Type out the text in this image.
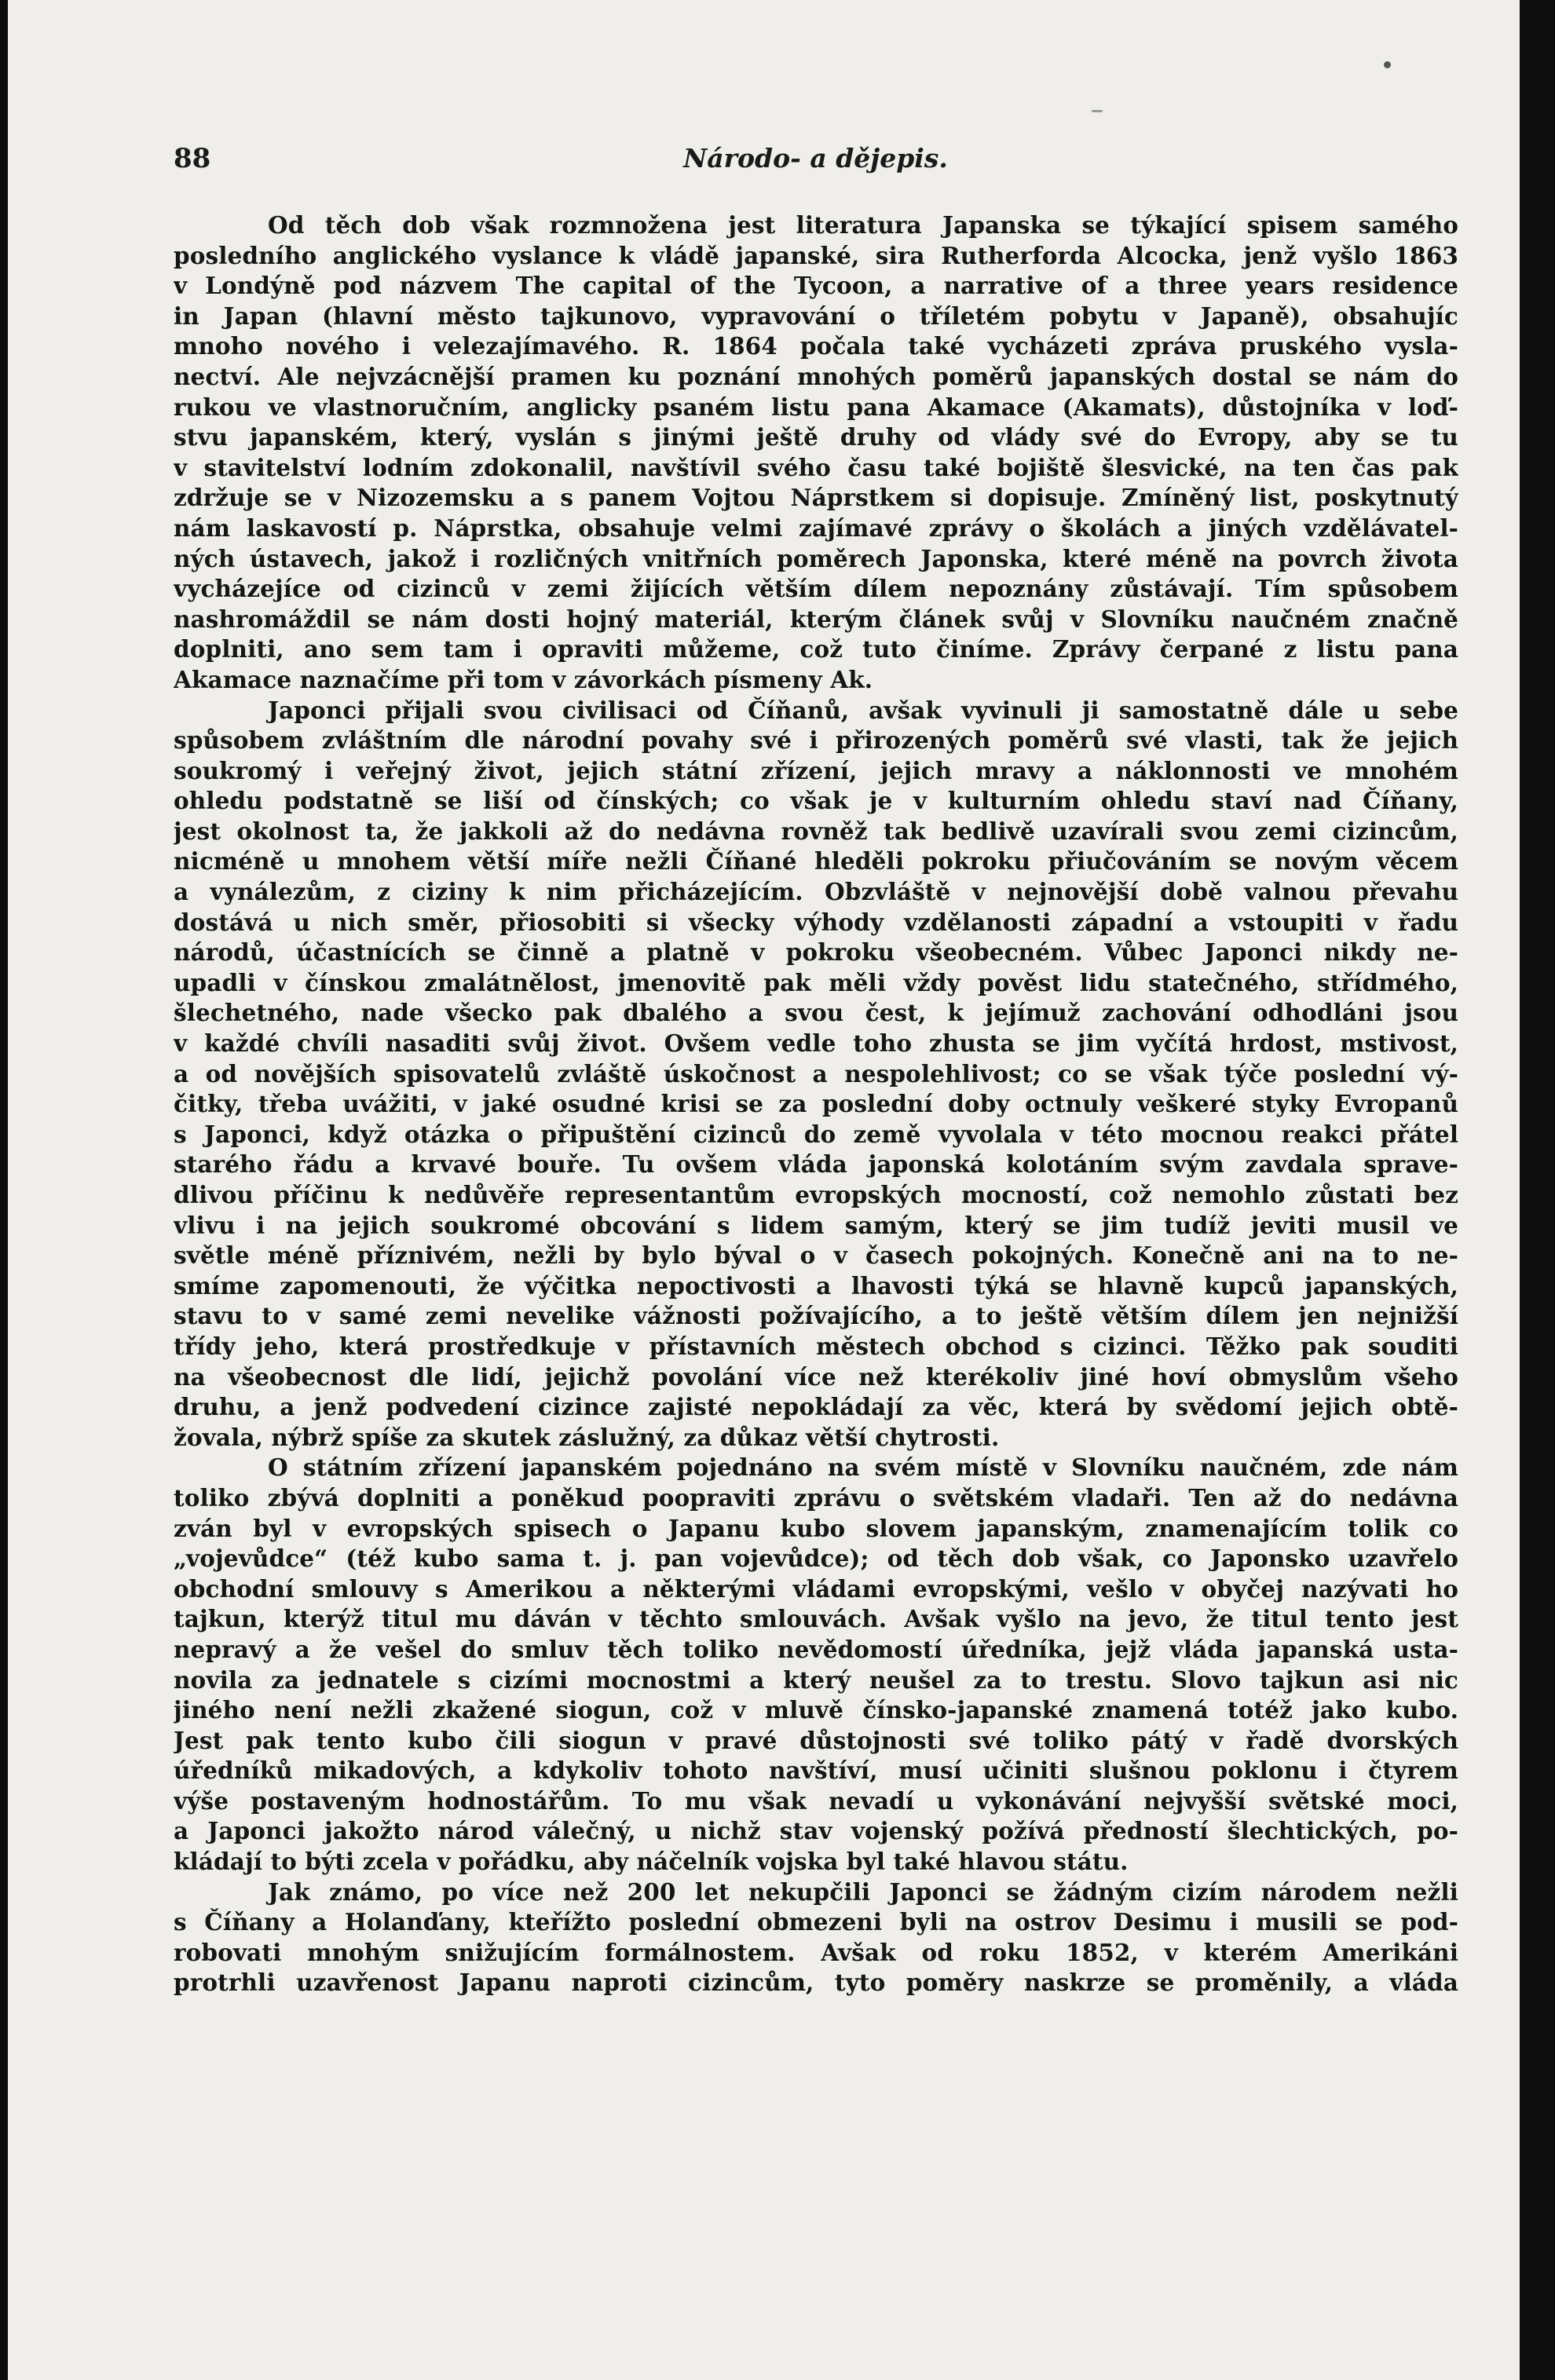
88	Národo- a dějepis.
Od těch dob však rozmnožena jest literatura Japanska se týkající spisem samého
posledního anglického vyslance k vládě japanské, sira Rutherforda Alcocka, jenž vyšlo 1863
v Londýně pod názvem The capital of the Tycoon, a narrative of a three years residence
in Japan (hlavní město tajkunovo, vypravování o tříletém pobytu v Japaně), obsahujíc
mnoho nového i velezajímavého. R. 1864 počala také vycházeti zpráva pruského vysla-
nectví. Ale nejvzácnější pramen ku poznání mnohých poměrů japanských dostal se nám do
rukou ve vlastnoručním, anglicky psaném listu pana Akamace (Akamats), důstojníka v loď-
stvu japanském, který, vyslán s jinými ještě druhy od vlády své do Evropy, aby se tu
v stavitelství lodním zdokonalil, navštívil svého času také bojiště šlesvické, na ten čas pak
zdržuje se v Nizozemsku a s panem Vojtou Náprstkem si dopisuje. Zmíněný list, poskytnutý
nám laskavostí p. Náprstka, obsahuje velmi zajímavé zprávy o školách a jiných vzdělávatel-
ných ústavech, jakož i rozličných vnitřních poměrech Japonska, které méně na povrch života
vycházejíce od cizinců v zemi žijících větším dílem nepoznány zůstávají. Tím spůsobem
nashromáždil se nám dosti hojný materiál, kterým článek svůj v Slovníku naučném značně
doplniti, ano sem tam i opraviti můžeme, což tuto činíme. Zprávy čerpané z listu pana
Akamace naznačíme při tom v závorkách písmeny Ak.
Japonci přijali svou civilisaci od Číňanů, avšak vyvinuli ji samostatně dále u sebe
spůsobem zvláštním dle národní povahy své i přirozených poměrů své vlasti, tak že jejich
soukromý i veřejný život, jejich státní zřízení, jejich mravy a náklonnosti ve mnohém
ohledu podstatně se liší od čínských; co však je v kulturním ohledu staví nad Číňany,
jest okolnost ta, že jakkoli až do nedávna rovněž tak bedlivě uzavírali svou zemi cizincům,
nicméně u mnohem větší míře nežli Číňané hleděli pokroku přiučováním se novým věcem
a vynálezům, z ciziny k nim přicházejícím. Obzvláště v nejnovější době valnou převahu
dostává u nich směr, přiosobiti si všecky výhody vzdělanosti západní a vstoupiti v řadu
národů, účastnících se činně a platně v pokroku všeobecném. Vůbec Japonci nikdy ne-
upadli v čínskou zmalátnělost, jmenovitě pak měli vždy pověst lidu statečného, střídmého,
šlechetného, nade všecko pak dbalého a svou čest, k jejímuž zachování odhodláni jsou
v každé chvíli nasaditi svůj život. Ovšem vedle toho zhusta se jim vyčítá hrdost, mstivost,
a od novějších spisovatelů zvláště úskočnost a nespolehlivost; co se však týče poslední vý-
čitky, třeba uvážiti, v jaké osudné krisi se za poslední doby octnuly veškeré styky Evropanů
s Japonci, když otázka o připuštění cizinců do země vyvolala v této mocnou reakci přátel
starého řádu a krvavé bouře. Tu ovšem vláda japonská kolotáním svým zavdala spravе-
dlivou příčinu k nedůvěře representantům evropských mocností, což nemohlo zůstati bez
vlivu i na jejich soukromé obcování s lidem samým, který se jim tudíž jeviti musil ve
světle méně příznivém, nežli by bylo býval o v časech pokojných. Konečně ani na to ne-
smíme zapomenouti, že výčitka nepoctivosti a lhavosti týká se hlavně kupců japanských,
stavu to v samé zemi nevelike vážnosti požívajícího, a to ještě větším dílem jen nejnižší
třídy jeho, která prostředkuje v přístavních městech obchod s cizinci. Těžko pak souditi
na všeobecnost dle lidí, jejichž povolání více než kterékoliv jiné hoví obmyslům všeho
druhu, a jenž podvedení cizince zajisté nepokládají za věc, která by svědomí jejich obtě-
žovala, nýbrž spíše za skutek záslužný, za důkaz větší chytrosti.
O státním zřízení japanském pojednáno na svém místě v Slovníku naučném, zde nám
toliko zbývá doplniti a poněkud poopraviti zprávu o světském vladaři. Ten až do nedávna
zván byl v evropských spisech o Japanu kubo slovem japanským, znamenajícím tolik co
„vojevůdce“ (též kubo sama t. j. pan vojevůdce); od těch dob však, co Japonsko uzavřelo
obchodní smlouvy s Amerikou a některými vládami evropskými, vešlo v obyčej nazývati ho
tajkun, kterýž titul mu dáván v těchto smlouvách. Avšak vyšlo na jevo, že titul tento jest
nepravý a že vešel do smluv těch toliko nevědomostí úředníka, jejž vláda japanská usta-
novila za jednatele s cizími mocnostmi a který neušel za to trestu. Slovo tajkun asi nic
jiného není nežli zkažené siogun, což v mluvě čínsko-japanské znamená totéž jako kubo.
Jest pak tento kubo čili siogun v pravé důstojnosti své toliko pátý v řadě dvorských
úředníků mikadových, a kdykoliv tohoto navštíví, musí učiniti slušnou poklonu i čtyrem
výše postaveným hodnostářům. To mu však nevadí u vykonávání nejvyšší světské moci,
a Japonci jakožto národ válečný, u nichž stav vojenský požívá předností šlechtických, po-
kládají to býti zcela v pořádku, aby náčelník vojska byl také hlavou státu.
Jak známo, po více než 200 let nekupčili Japonci se žádným cizím národem nežli
s Číňany a Holanďany, kteřížto poslední obmezeni byli na ostrov Desimu i musili se pod-
robovati mnohým snižujícím formálnostem. Avšak od roku 1852, v kterém Amerikáni
protrhli uzavřenost Japanu naproti cizincům, tyto poměry naskrze se proměnily, a vláda
